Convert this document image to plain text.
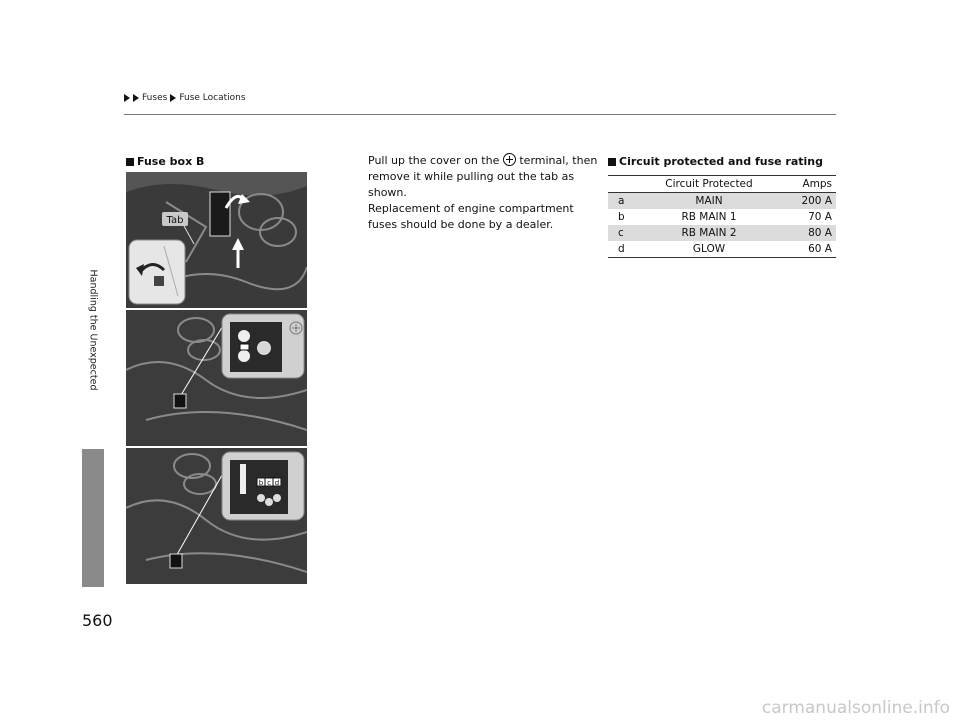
Fuses Fuse Locations
Handling the Unexpected
560
Fuse box B
Tab
b c d

Pull up the cover on the terminal, then remove it while pulling out the tab as shown.

Replacement of engine compartment fuses should be done by a dealer.

Circuit protected and fuse rating
	Circuit Protected	Amps
a	MAIN	200 A
b	RB MAIN 1	70 A
c	RB MAIN 2	80 A
d	GLOW	60 A
carmanualsonline.info
